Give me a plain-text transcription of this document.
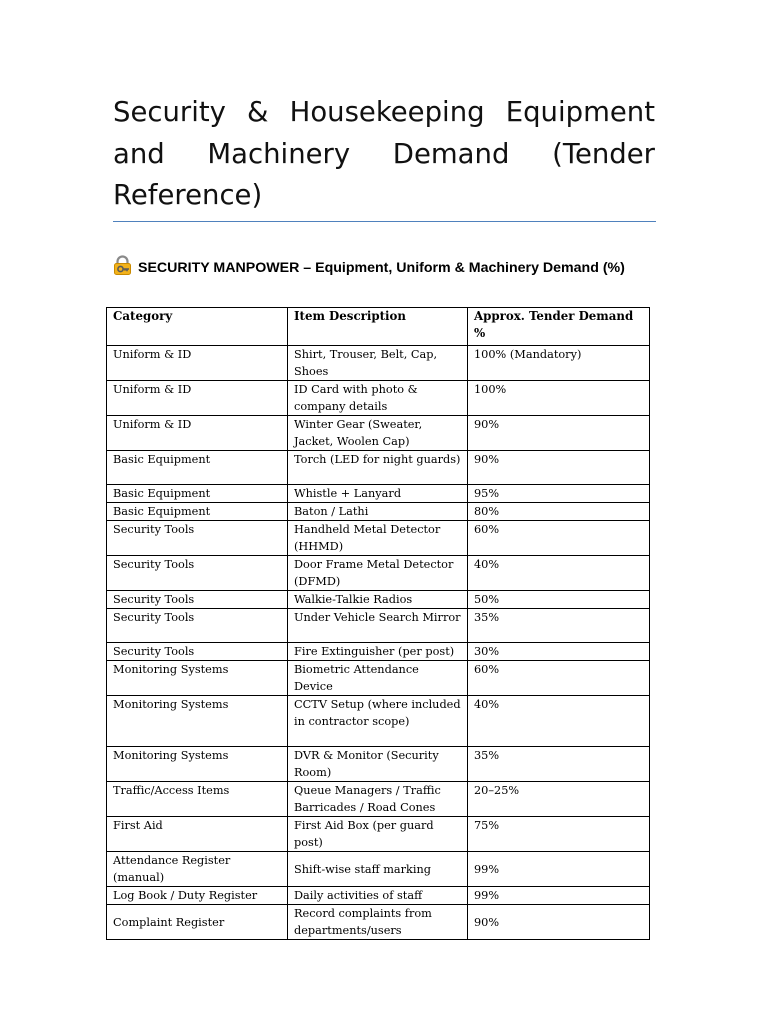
Security & Housekeeping Equipment and Machinery Demand (Tender Reference)

SECURITY MANPOWER – Equipment, Uniform & Machinery Demand (%)

Category	Item Description	Approx. Tender Demand %
Uniform & ID	Shirt, Trouser, Belt, Cap, Shoes	100% (Mandatory)
Uniform & ID	ID Card with photo & company details	100%
Uniform & ID	Winter Gear (Sweater, Jacket, Woolen Cap)	90%
Basic Equipment	Torch (LED for night guards)	90%
Basic Equipment	Whistle + Lanyard	95%
Basic Equipment	Baton / Lathi	80%
Security Tools	Handheld Metal Detector (HHMD)	60%
Security Tools	Door Frame Metal Detector (DFMD)	40%
Security Tools	Walkie-Talkie Radios	50%
Security Tools	Under Vehicle Search Mirror	35%
Security Tools	Fire Extinguisher (per post)	30%
Monitoring Systems	Biometric Attendance Device	60%
Monitoring Systems	CCTV Setup (where included in contractor scope)	40%
Monitoring Systems	DVR & Monitor (Security Room)	35%
Traffic/Access Items	Queue Managers / Traffic Barricades / Road Cones	20–25%
First Aid	First Aid Box (per guard post)	75%
Attendance Register (manual)	Shift-wise staff marking	99%
Log Book / Duty Register	Daily activities of staff	99%
Complaint Register	Record complaints from departments/users	90%
